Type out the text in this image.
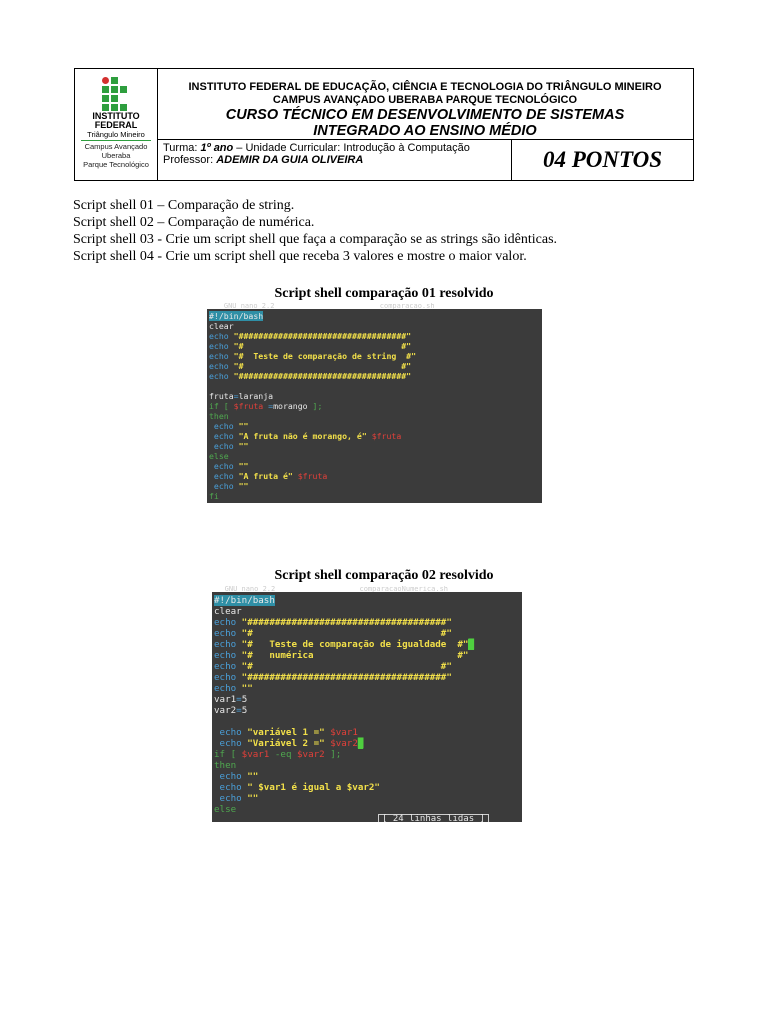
INSTITUTO
FEDERAL
Triângulo Mineiro
Campus Avançado
Uberaba
Parque Tecnológico
INSTITUTO FEDERAL DE EDUCAÇÃO, CIÊNCIA E TECNOLOGIA DO TRIÂNGULO MINEIRO
CAMPUS AVANÇADO UBERABA PARQUE TECNOLÓGICO
CURSO TÉCNICO EM DESENVOLVIMENTO DE SISTEMAS
INTEGRADO AO ENSINO MÉDIO
Turma: 1º ano – Unidade Curricular: Introdução à Computação
Professor: ADEMIR DA GUIA OLIVEIRA	04 PONTOS
Script shell 01 – Comparação de string.
Script shell 02 – Comparação de numérica.
Script shell 03 - Crie um script shell que faça a comparação se as strings são idênticas.
Script shell 04 - Crie um script shell que receba 3 valores e mostre o maior valor.
Script shell comparação 01 resolvido
GNU nano 2.2                         comparacao.sh
#!/bin/bash
clear
echo "##################################"
echo "#                                #"
echo "#  Teste de comparação de string  #"
echo "#                                #"
echo "##################################"
fruta=laranja
if [ $fruta =morango ];
then
echo ""
echo "A fruta não é morango, é" $fruta
echo ""
else
echo ""
echo "A fruta é" $fruta
echo ""
fi
Script shell comparação 02 resolvido
GNU nano 2.2                    comparacaoNumerica.sh
#!/bin/bash
clear
echo "####################################"
echo "#                                  #"
echo "#   Teste de comparação de igualdade  #"█
echo "#   numérica                          #"
echo "#                                  #"
echo "####################################"
echo ""
var1=5
var2=5
echo "variável 1 =" $var1
echo "Variável 2 =" $var2█
if [ $var1 -eq $var2 ];
then
echo ""
echo " $var1 é igual a $var2"
echo ""
else
[ 24 linhas lidas ]
